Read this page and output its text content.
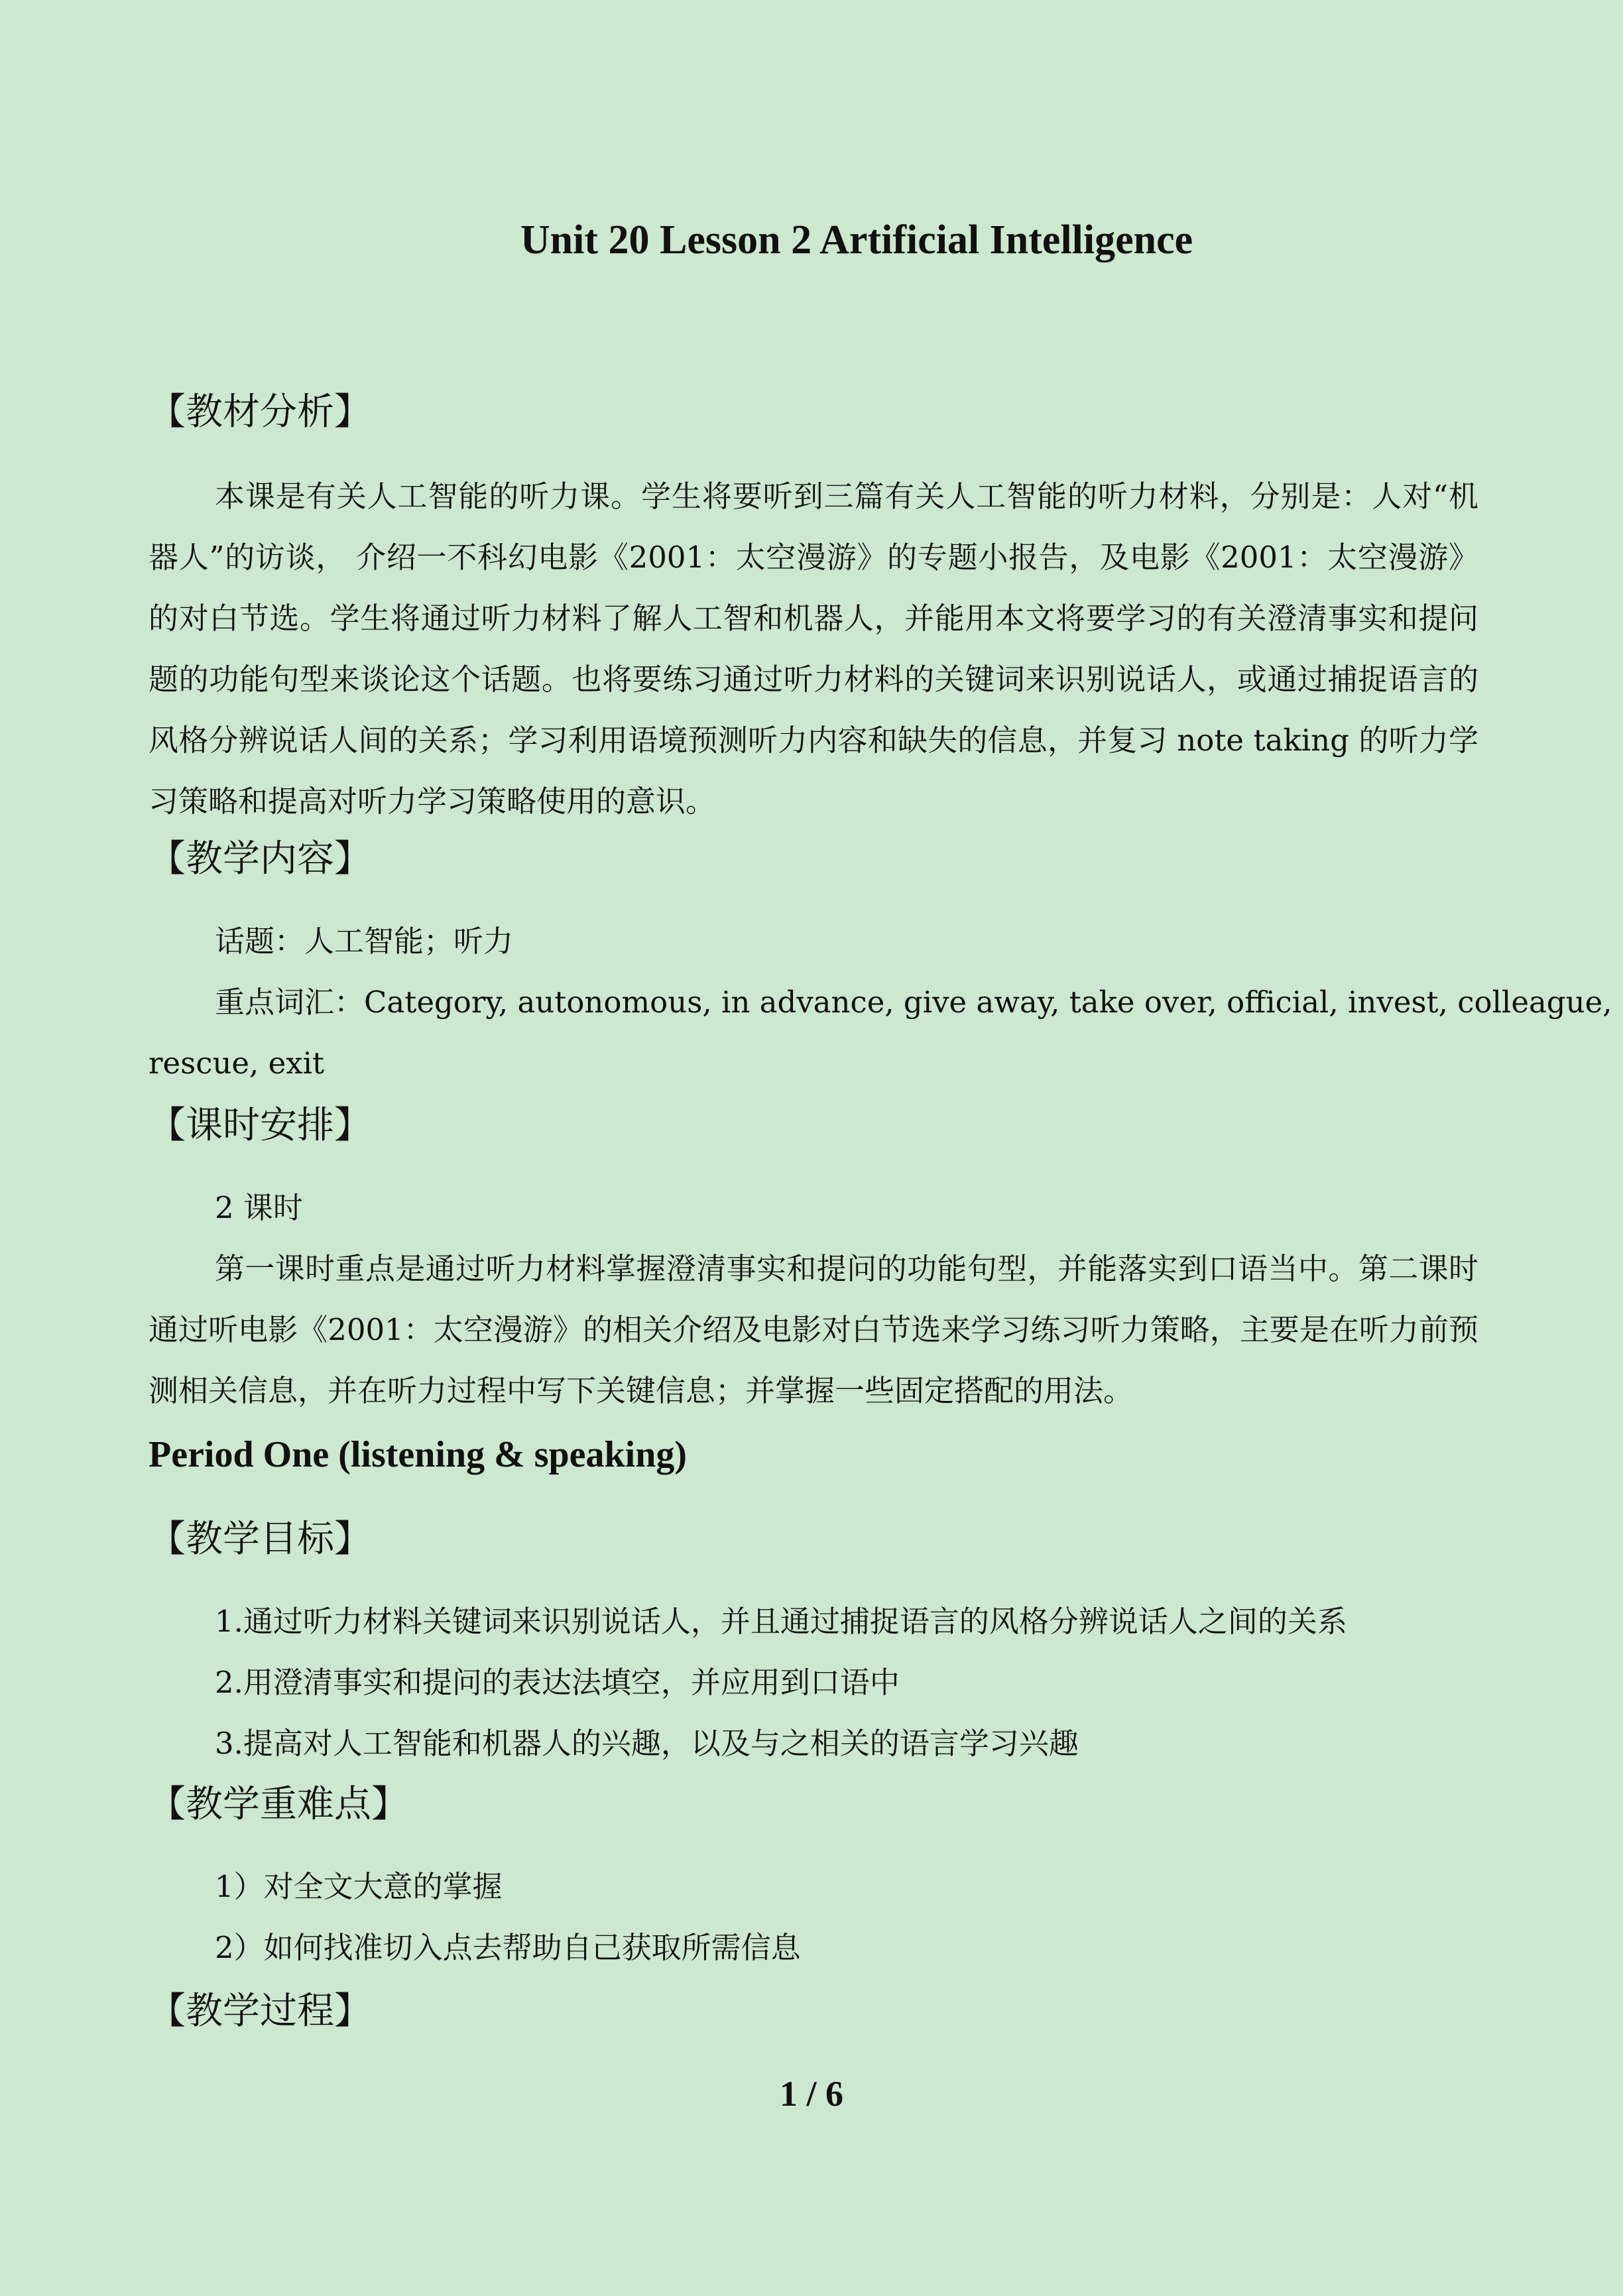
Unit 20 Lesson 2 Artificial Intelligence
【教材分析】
本课是有关人工智能的听力课。学生将要听到三篇有关人工智能的听力材料，分别是：人对“机器人”的访谈， 介绍一不科幻电影《2001：太空漫游》的专题小报告，及电影《2001：太空漫游》的对白节选。学生将通过听力材料了解人工智和机器人，并能用本文将要学习的有关澄清事实和提问题的功能句型来谈论这个话题。也将要练习通过听力材料的关键词来识别说话人，或通过捕捉语言的风格分辨说话人间的关系；学习利用语境预测听力内容和缺失的信息，并复习 note taking 的听力学习策略和提高对听力学习策略使用的意识。
【教学内容】
话题：人工智能；听力
重点词汇：Category, autonomous, in advance, give away, take over, official, invest, colleague,
rescue, exit
【课时安排】
2 课时
第一课时重点是通过听力材料掌握澄清事实和提问的功能句型，并能落实到口语当中。第二课时通过听电影《2001：太空漫游》的相关介绍及电影对白节选来学习练习听力策略，主要是在听力前预测相关信息，并在听力过程中写下关键信息；并掌握一些固定搭配的用法。
Period One (listening & speaking)
【教学目标】
1.通过听力材料关键词来识别说话人，并且通过捕捉语言的风格分辨说话人之间的关系
2.用澄清事实和提问的表达法填空，并应用到口语中
3.提高对人工智能和机器人的兴趣，以及与之相关的语言学习兴趣
【教学重难点】
1）对全文大意的掌握
2）如何找准切入点去帮助自己获取所需信息
【教学过程】
1 / 6
